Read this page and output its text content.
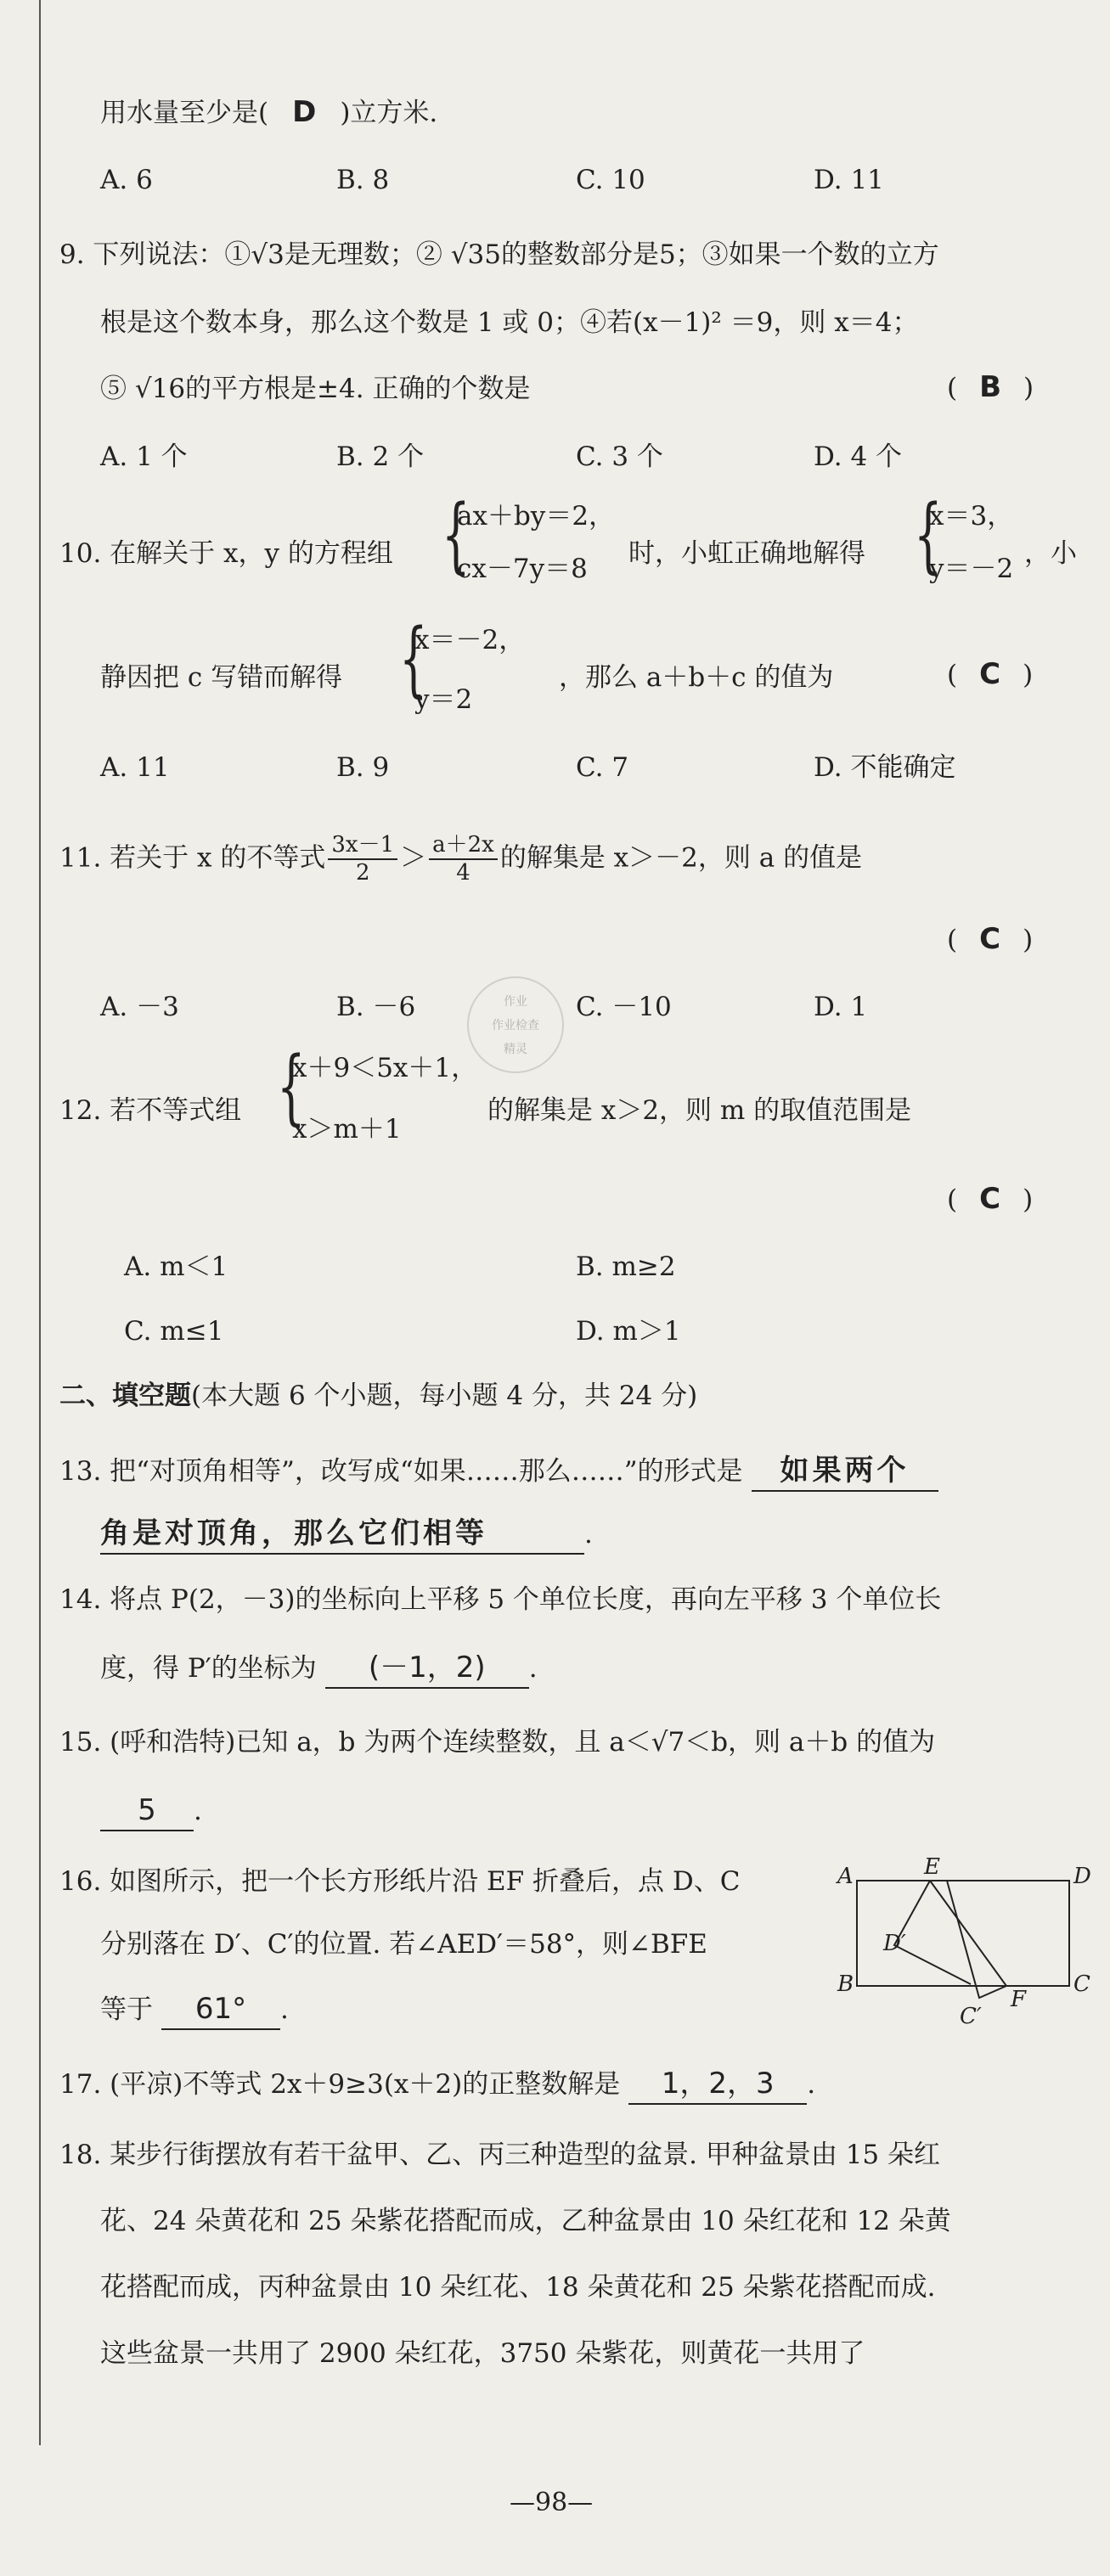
用水量至少是( D )立方米.
A. 6	B. 8	C. 10	D. 11
9. 下列说法：①√3是无理数；② √35的整数部分是5；③如果一个数的立方
根是这个数本身，那么这个数是 1 或 0；④若(x－1)² ＝9，则 x＝4；
⑤ √16的平方根是±4. 正确的个数是	( B )
A. 1 个	B. 2 个	C. 3 个	D. 4 个
10. 在解关于 x，y 的方程组 {
ax＋by＝2，
cx－7y＝8 时，小虹正确地解得 {
x＝3，
y＝－2 ，小
静因把 c 写错而解得 {
x＝－2，
y＝2
，那么 a＋b＋c 的值为	( C )
A. 11	B. 9	C. 7	D. 不能确定
11. 若关于 x 的不等式 $\frac{3x-1}{2} > \frac{a+2x}{4}$ 的解集是 x＞－2，则 a 的值是
( C )
A. －3	B. －6	C. －10	D. 1
作业
作业检查
精灵
12. 若不等式组 {
x＋9＜5x＋1，
x＞m＋1
的解集是 x＞2，则 m 的取值范围是
( C )
A. m＜1	B. m≥2
C. m≤1	D. m＞1
二、填空题(本大题 6 个小题，每小题 4 分，共 24 分)
13. 把“对顶角相等”，改写成“如果……那么……”的形式是 如果两个
角是对顶角，那么它们相等	.
14. 将点 P(2，－3)的坐标向上平移 5 个单位长度，再向左平移 3 个单位长
度，得 P′的坐标为 (－1，2) .
15. (呼和浩特)已知 a，b 为两个连续整数，且 a＜√7＜b，则 a＋b 的值为
5 .
16. 如图所示，把一个长方形纸片沿 EF 折叠后，点 D、C
分别落在 D′、C′的位置. 若∠AED′＝58°，则∠BFE
等于 61° .
A	E	D
D′
B
F
C
C′
17. (平凉)不等式 2x＋9≥3(x＋2)的正整数解是 1，2，3 .
18. 某步行街摆放有若干盆甲、乙、丙三种造型的盆景. 甲种盆景由 15 朵红
花、24 朵黄花和 25 朵紫花搭配而成，乙种盆景由 10 朵红花和 12 朵黄
花搭配而成，丙种盆景由 10 朵红花、18 朵黄花和 25 朵紫花搭配而成.
这些盆景一共用了 2900 朵红花，3750 朵紫花，则黄花一共用了
—98—
